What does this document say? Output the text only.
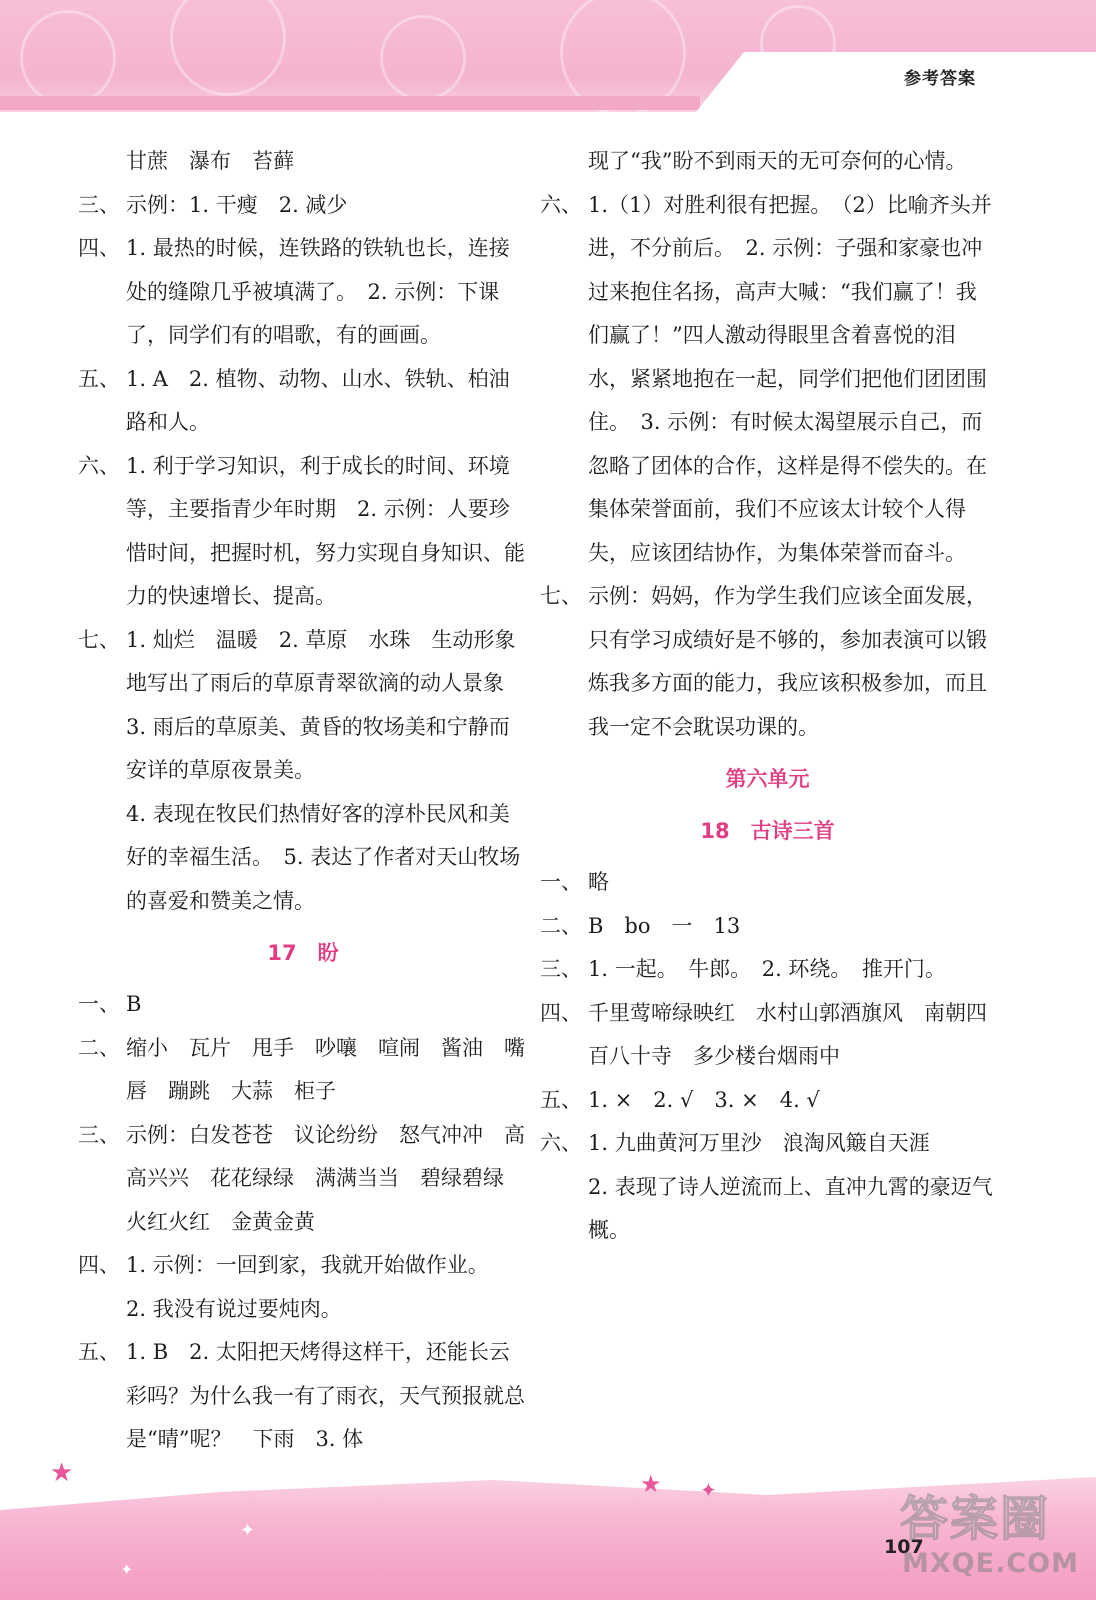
参考答案

甘蔗　瀑布　苔藓

三、 示例：1. 干瘦　2. 减少

四、 1. 最热的时候，连铁路的铁轨也长，连接处的缝隙几乎被填满了。　2. 示例：下课了，同学们有的唱歌，有的画画。

五、 1. A　2. 植物、动物、山水、铁轨、柏油路和人。

六、 1. 利于学习知识，利于成长的时间、环境等，主要指青少年时期　2. 示例：人要珍惜时间，把握时机，努力实现自身知识、能力的快速增长、提高。

七、 1. 灿烂　温暖　2. 草原　水珠　生动形象地写出了雨后的草原青翠欲滴的动人景象　3. 雨后的草原美、黄昏的牧场美和宁静而安详的草原夜景美。

4. 表现在牧民们热情好客的淳朴民风和美好的幸福生活。　5. 表达了作者对天山牧场的喜爱和赞美之情。

17　盼

一、 B

二、 缩小　瓦片　甩手　吵嚷　喧闹　酱油　嘴唇　蹦跳　大蒜　柜子

三、 示例：白发苍苍　议论纷纷　怒气冲冲　高高兴兴　花花绿绿　满满当当　碧绿碧绿　火红火红　金黄金黄

四、 1. 示例：一回到家，我就开始做作业。

2. 我没有说过要炖肉。

五、 1. B　2. 太阳把天烤得这样干，还能长云彩吗？为什么我一有了雨衣，天气预报就总是“晴”呢？　下雨　3. 体

现了“我”盼不到雨天的无可奈何的心情。

六、 1.（1）对胜利很有把握。　（2）比喻齐头并进，不分前后。　2. 示例：子强和家豪也冲过来抱住名扬，高声大喊：“我们赢了！我们赢了！”四人激动得眼里含着喜悦的泪水，紧紧地抱在一起，同学们把他们团团围住。　3. 示例：有时候太渴望展示自己，而忽略了团体的合作，这样是得不偿失的。在集体荣誉面前，我们不应该太计较个人得失，应该团结协作，为集体荣誉而奋斗。

七、 示例：妈妈，作为学生我们应该全面发展，只有学习成绩好是不够的，参加表演可以锻炼我多方面的能力，我应该积极参加，而且我一定不会耽误功课的。

第六单元
18　古诗三首

一、 略

二、 B　bo　一　13

三、 1. 一起。　牛郎。　2. 环绕。　推开门。

四、 千里莺啼绿映红　水村山郭酒旗风　南朝四百八十寺　多少楼台烟雨中

五、 1. ×　2. √　3. ×　4. √

六、 1. 九曲黄河万里沙　浪淘风簸自天涯

2. 表现了诗人逆流而上、直冲九霄的豪迈气概。

★	★ ✦
✦
✦
107
答案圈
MXQE.COM
